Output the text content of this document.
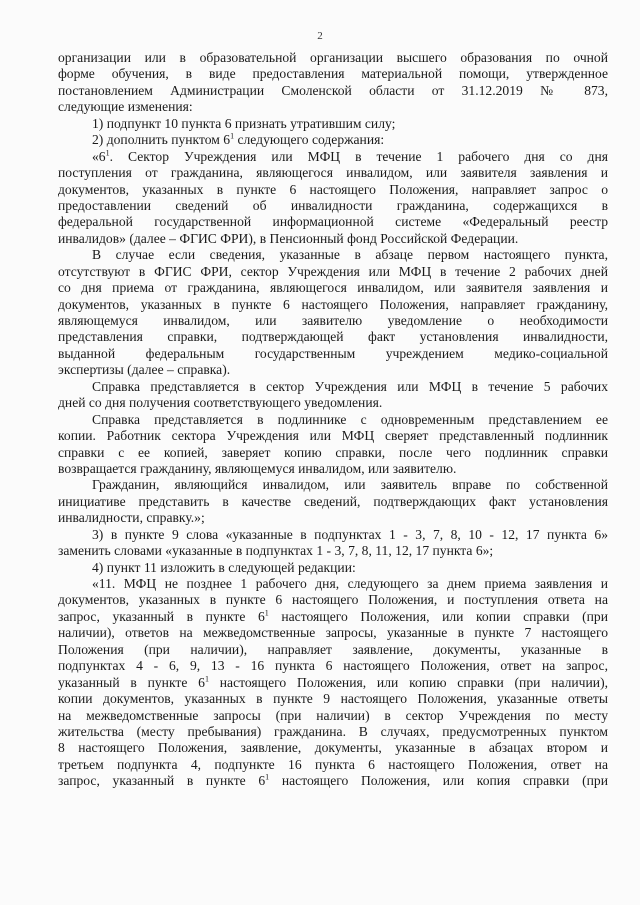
2
организации или в образовательной организации высшего образования по очной
форме обучения, в виде предоставления материальной помощи, утвержденное
постановлением Администрации Смоленской области от 31.12.2019 № 873,
следующие изменения:
1) подпункт 10 пункта 6 признать утратившим силу;
2) дополнить пунктом $6^1$ следующего содержания:
«$6^1$. Сектор Учреждения или МФЦ в течение 1 рабочего дня со дня
поступления от гражданина, являющегося инвалидом, или заявителя заявления и
документов, указанных в пункте 6 настоящего Положения, направляет запрос о
предоставлении сведений об инвалидности гражданина, содержащихся в
федеральной государственной информационной системе «Федеральный реестр
инвалидов» (далее – ФГИС ФРИ), в Пенсионный фонд Российской Федерации.
В случае если сведения, указанные в абзаце первом настоящего пункта,
отсутствуют в ФГИС ФРИ, сектор Учреждения или МФЦ в течение 2 рабочих дней
со дня приема от гражданина, являющегося инвалидом, или заявителя заявления и
документов, указанных в пункте 6 настоящего Положения, направляет гражданину,
являющемуся инвалидом, или заявителю уведомление о необходимости
представления справки, подтверждающей факт установления инвалидности,
выданной федеральным государственным учреждением медико-социальной
экспертизы (далее – справка).
Справка представляется в сектор Учреждения или МФЦ в течение 5 рабочих
дней со дня получения соответствующего уведомления.
Справка представляется в подлиннике с одновременным представлением ее
копии. Работник сектора Учреждения или МФЦ сверяет представленный подлинник
справки с ее копией, заверяет копию справки, после чего подлинник справки
возвращается гражданину, являющемуся инвалидом, или заявителю.
Гражданин, являющийся инвалидом, или заявитель вправе по собственной
инициативе представить в качестве сведений, подтверждающих факт установления
инвалидности, справку.»;
3) в пункте 9 слова «указанные в подпунктах 1 - 3, 7, 8, 10 - 12, 17 пункта 6»
заменить словами «указанные в подпунктах 1 - 3, 7, 8, 11, 12, 17 пункта 6»;
4) пункт 11 изложить в следующей редакции:
«11. МФЦ не позднее 1 рабочего дня, следующего за днем приема заявления и
документов, указанных в пункте 6 настоящего Положения, и поступления ответа на
запрос, указанный в пункте $6^1$ настоящего Положения, или копии справки (при
наличии), ответов на межведомственные запросы, указанные в пункте 7 настоящего
Положения (при наличии), направляет заявление, документы, указанные в
подпунктах 4 - 6, 9, 13 - 16 пункта 6 настоящего Положения, ответ на запрос,
указанный в пункте $6^1$ настоящего Положения, или копию справки (при наличии),
копии документов, указанных в пункте 9 настоящего Положения, указанные ответы
на межведомственные запросы (при наличии) в сектор Учреждения по месту
жительства (месту пребывания) гражданина. В случаях, предусмотренных пунктом
8 настоящего Положения, заявление, документы, указанные в абзацах втором и
третьем подпункта 4, подпункте 16 пункта 6 настоящего Положения, ответ на
запрос, указанный в пункте $6^1$ настоящего Положения, или копия справки (при
